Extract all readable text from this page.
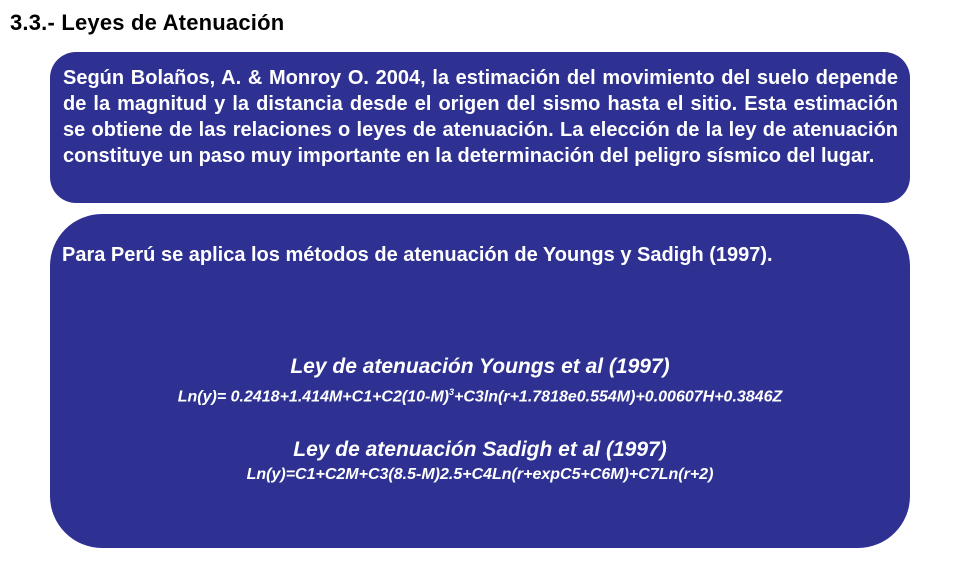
3.3.- Leyes de Atenuación

Según Bolaños, A. & Monroy O. 2004, la estimación del movimiento del suelo depende de la magnitud y la distancia desde el origen del sismo hasta el sitio. Esta estimación se obtiene de las relaciones o leyes de atenuación. La elección de la ley de atenuación constituye un paso muy importante en la determinación del peligro sísmico del lugar.

Para Perú se aplica los métodos de atenuación de Youngs y Sadigh (1997).

Ley de atenuación Youngs et al (1997)
$Ln(y)= 0.2418+1.414M+C1+C2(10-M)^3+C3\ln(r+1.7818e0.554M)+0.00607H+0.3846Z$
Ley de atenuación Sadigh et al (1997)
Ln(y)=C1+C2M+C3(8.5-M)2.5+C4Ln(r+expC5+C6M)+C7Ln(r+2)
